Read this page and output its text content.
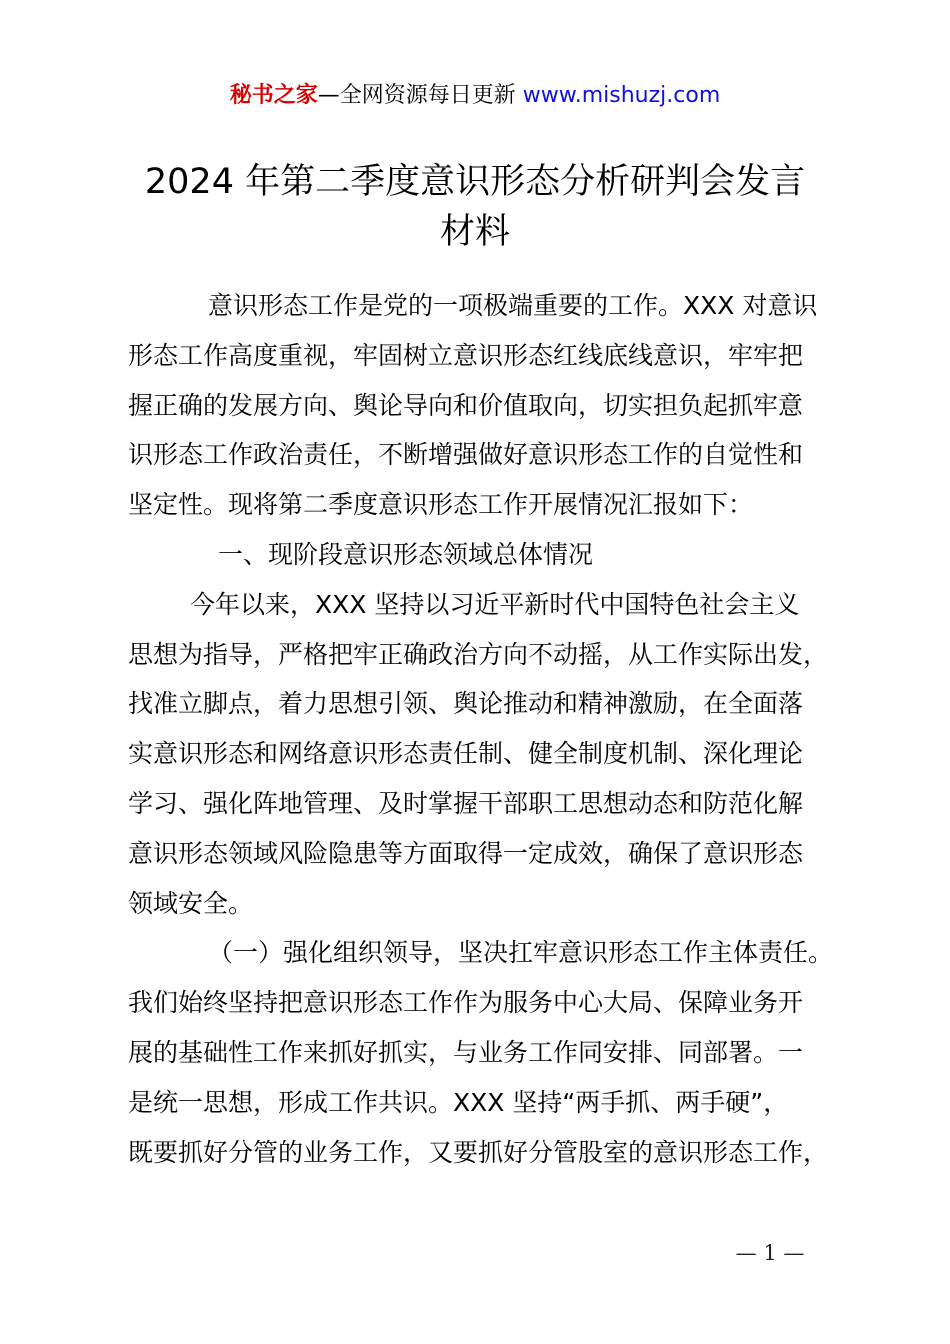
秘书之家—全网资源每日更新 www.mishuzj.com
2024 年第二季度意识形态分析研判会发言
材料
意识形态工作是党的一项极端重要的工作。XXX 对意识
形态工作高度重视，牢固树立意识形态红线底线意识，牢牢把
握正确的发展方向、舆论导向和价值取向，切实担负起抓牢意
识形态工作政治责任，不断增强做好意识形态工作的自觉性和
坚定性。现将第二季度意识形态工作开展情况汇报如下：
一、现阶段意识形态领域总体情况
今年以来，XXX 坚持以习近平新时代中国特色社会主义
思想为指导，严格把牢正确政治方向不动摇，从工作实际出发，
找准立脚点，着力思想引领、舆论推动和精神激励，在全面落
实意识形态和网络意识形态责任制、健全制度机制、深化理论
学习、强化阵地管理、及时掌握干部职工思想动态和防范化解
意识形态领域风险隐患等方面取得一定成效，确保了意识形态
领域安全。
（一）强化组织领导，坚决扛牢意识形态工作主体责任。
我们始终坚持把意识形态工作作为服务中心大局、保障业务开
展的基础性工作来抓好抓实，与业务工作同安排、同部署。一
是统一思想，形成工作共识。XXX 坚持“两手抓、两手硬”，
既要抓好分管的业务工作，又要抓好分管股室的意识形态工作，
— 1 —
